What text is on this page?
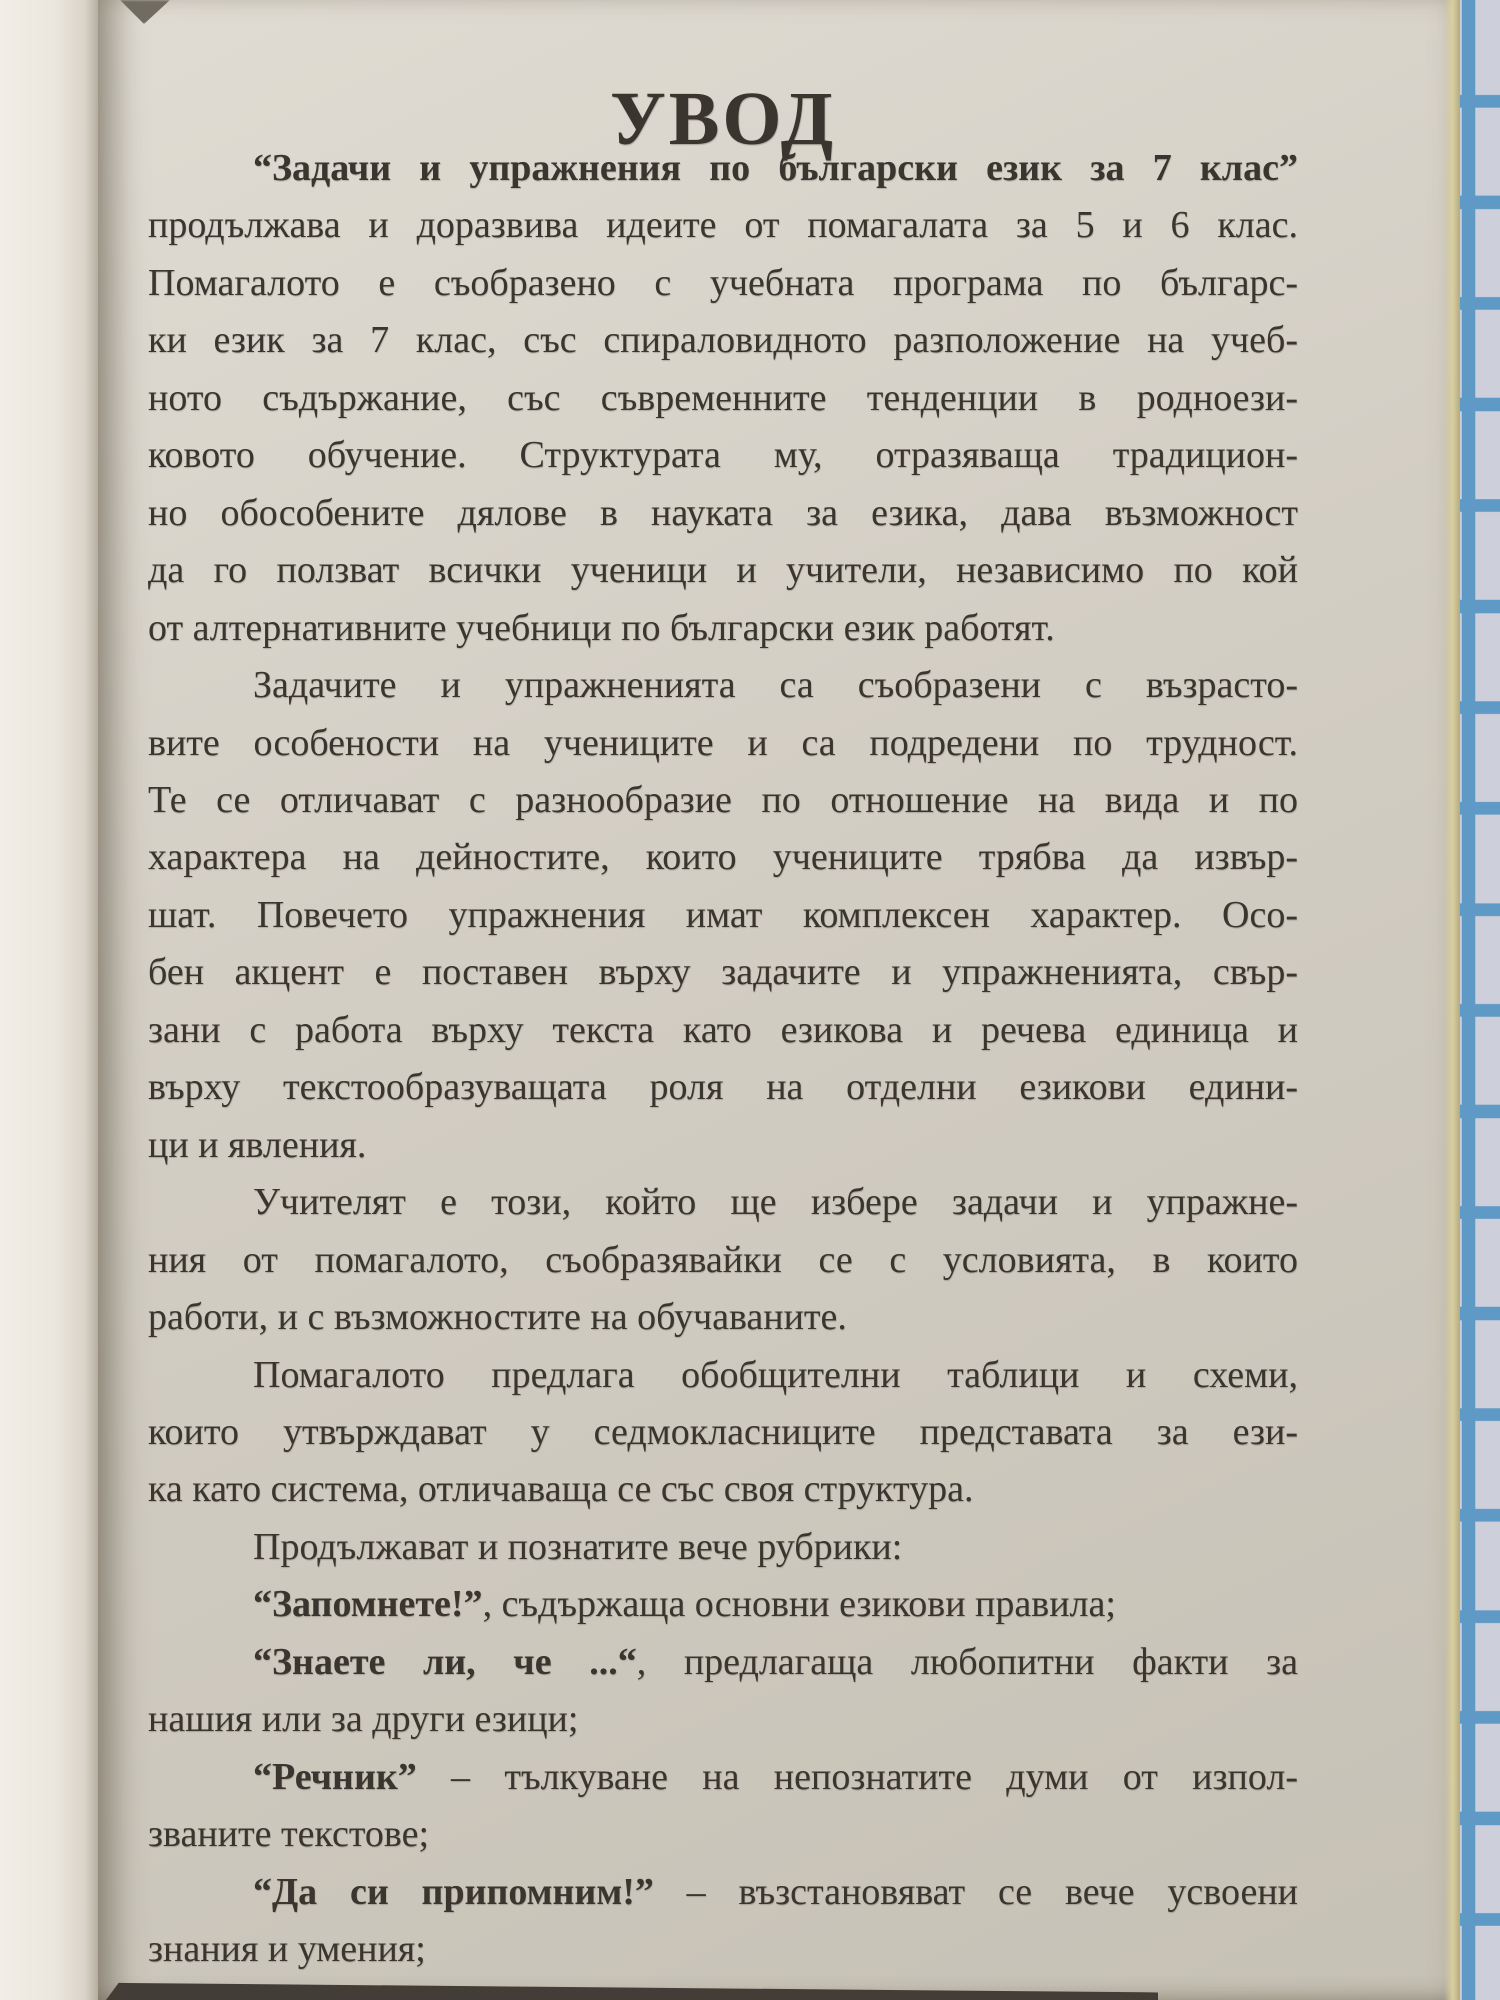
УВОД
“Задачи и упражнения по български език за 7 клас”
продължава и доразвива идеите от помагалата за 5 и 6 клас.
Помагалото е съобразено с учебната програма по българс-
ки език за 7 клас, със спираловидното разположение на учеб-
ното съдържание, със съвременните тенденции в родноези-
ковото обучение. Структурата му, отразяваща традицион-
но обособените дялове в науката за езика, дава възможност
да го ползват всички ученици и учители, независимо по кой
от алтернативните учебници по български език работят.
Задачите и упражненията са съобразени с възрасто-
вите особености на учениците и са подредени по трудност.
Те се отличават с разнообразие по отношение на вида и по
характера на дейностите, които учениците трябва да извър-
шат. Повечето упражнения имат комплексен характер. Осо-
бен акцент е поставен върху задачите и упражненията, свър-
зани с работа върху текста като езикова и речева единица и
върху текстообразуващата роля на отделни езикови едини-
ци и явления.
Учителят е този, който ще избере задачи и упражне-
ния от помагалото, съобразявайки се с условията, в които
работи, и с възможностите на обучаваните.
Помагалото предлага обобщителни таблици и схеми,
които утвърждават у седмокласниците представата за ези-
ка като система, отличаваща се със своя структура.
Продължават и познатите вече рубрики:
“Запомнете!”, съдържаща основни езикови правила;
“Знаете ли, че ...“, предлагаща любопитни факти за
нашия или за други езици;
“Речник” – тълкуване на непознатите думи от изпол-
званите текстове;
“Да си припомним!” – възстановяват се вече усвоени
знания и умения;
